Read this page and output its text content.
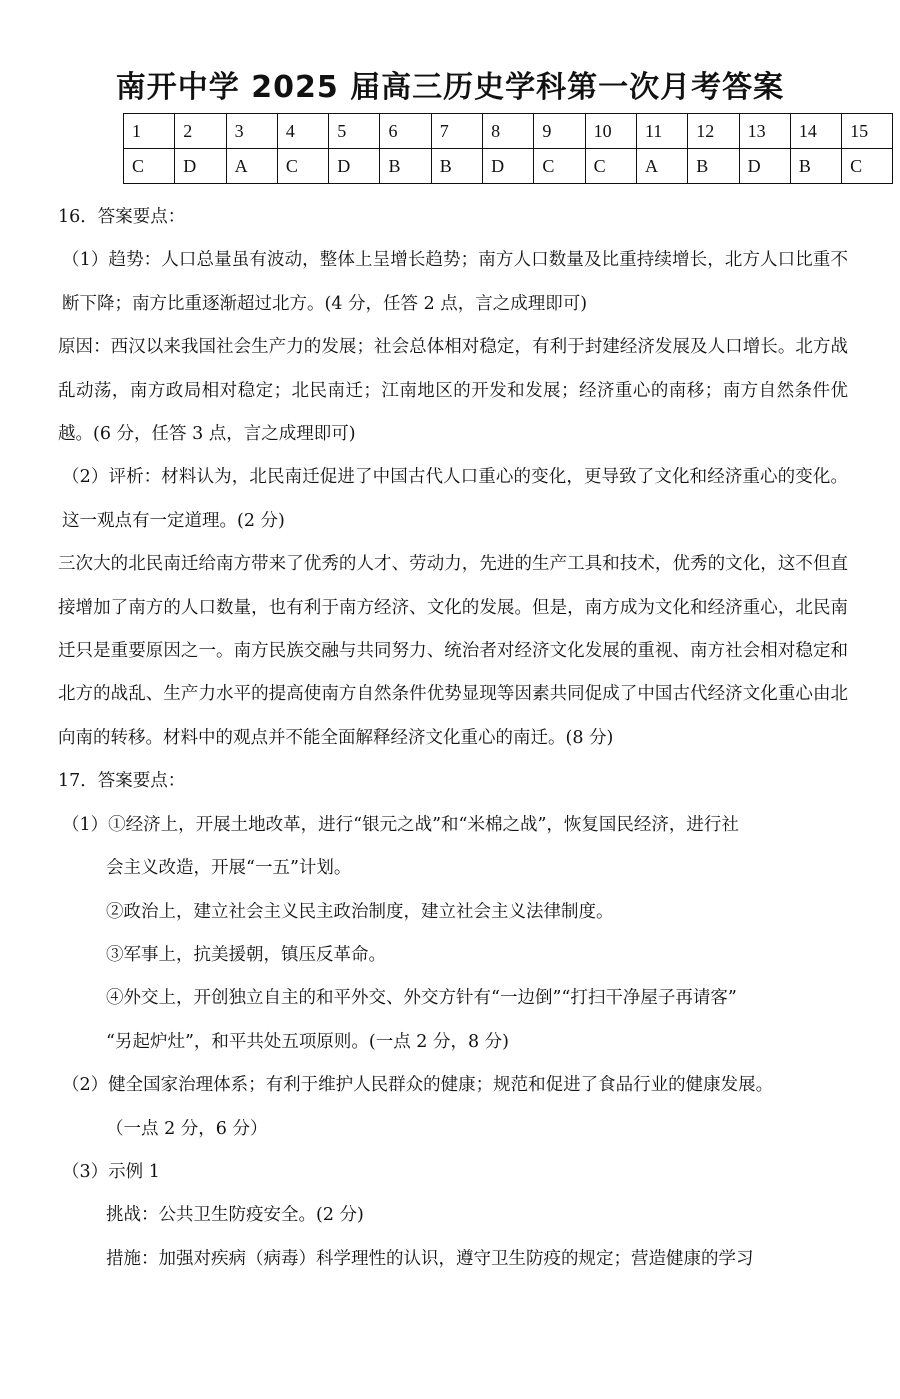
南开中学 2025 届高三历史学科第一次月考答案
1	2	3	4	5	6	7	8	9	10	11	12	13	14	15
C	D	A	C	D	B	B	D	C	C	A	B	D	B	C

16．答案要点：

（1）趋势：人口总量虽有波动，整体上呈增长趋势；南方人口数量及比重持续增长，北方人口比重不断下降；南方比重逐渐超过北方。(4 分，任答 2 点，言之成理即可)

原因：西汉以来我国社会生产力的发展；社会总体相对稳定，有利于封建经济发展及人口增长。北方战乱动荡，南方政局相对稳定；北民南迁；江南地区的开发和发展；经济重心的南移；南方自然条件优越。(6 分，任答 3 点，言之成理即可)

（2）评析：材料认为，北民南迁促进了中国古代人口重心的变化，更导致了文化和经济重心的变化。这一观点有一定道理。(2 分)

三次大的北民南迁给南方带来了优秀的人才、劳动力，先进的生产工具和技术，优秀的文化，这不但直接增加了南方的人口数量，也有利于南方经济、文化的发展。但是，南方成为文化和经济重心，北民南迁只是重要原因之一。南方民族交融与共同努力、统治者对经济文化发展的重视、南方社会相对稳定和北方的战乱、生产力水平的提高使南方自然条件优势显现等因素共同促成了中国古代经济文化重心由北向南的转移。材料中的观点并不能全面解释经济文化重心的南迁。(8 分)

17．答案要点：

（1）①经济上，开展土地改革，进行“银元之战”和“米棉之战”，恢复国民经济，进行社

会主义改造，开展“一五”计划。

②政治上，建立社会主义民主政治制度，建立社会主义法律制度。

③军事上，抗美援朝，镇压反革命。

④外交上，开创独立自主的和平外交、外交方针有“一边倒”“打扫干净屋子再请客”

“另起炉灶”，和平共处五项原则。(一点 2 分，8 分)

（2）健全国家治理体系；有利于维护人民群众的健康；规范和促进了食品行业的健康发展。

（一点 2 分，6 分）

（3）示例 1

挑战：公共卫生防疫安全。(2 分)

措施：加强对疾病（病毒）科学理性的认识，遵守卫生防疫的规定；营造健康的学习
